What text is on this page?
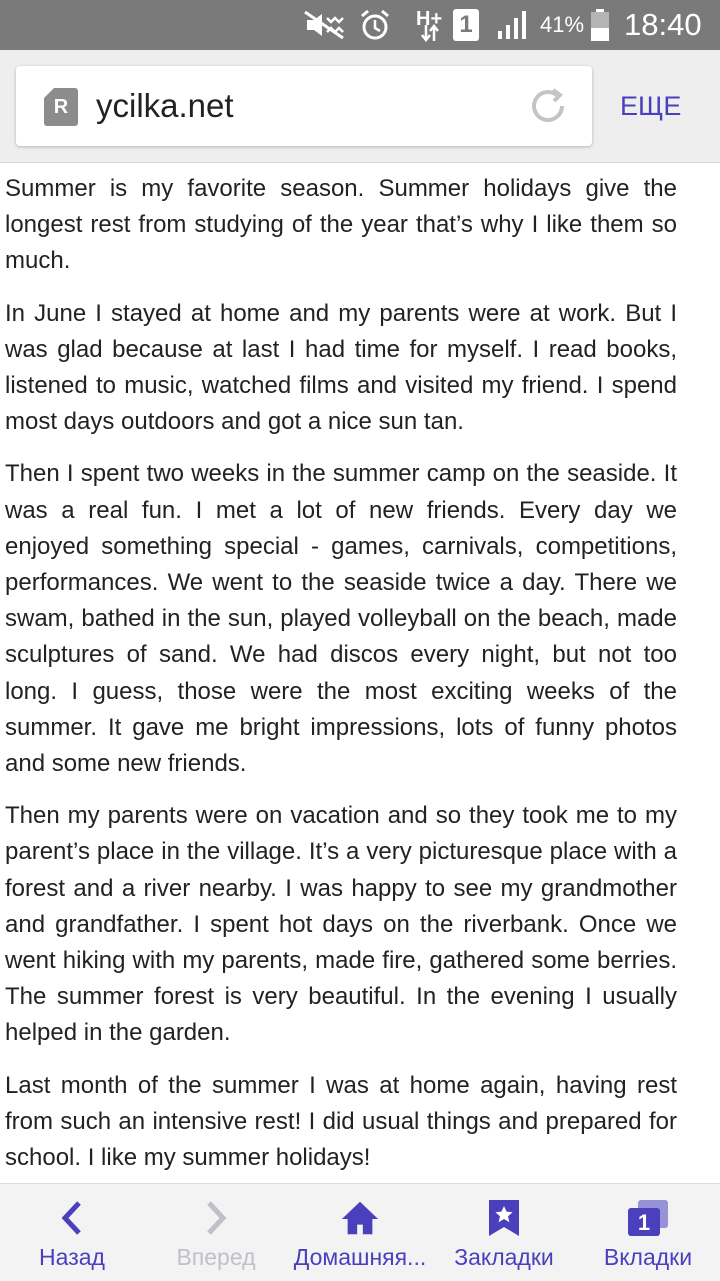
H+ 1	41% 18:40
R ycilka.net	ЕЩЕ

Summer is my favorite season. Summer holidays give the longest rest from studying of the year that’s why I like them so much.

In June I stayed at home and my parents were at work. But I was glad because at last I had time for myself. I read books, listened to music, watched films and visited my friend. I spend most days outdoors and got a nice sun tan.

Then I spent two weeks in the summer camp on the seaside. It was a real fun. I met a lot of new friends. Every day we enjoyed something special - games, carnivals, competitions, performances. We went to the seaside twice a day. There we swam, bathed in the sun, played volleyball on the beach, made sculptures of sand. We had discos every night, but not too long. I guess, those were the most exciting weeks of the summer. It gave me bright impressions, lots of funny photos and some new friends.

Then my parents were on vacation and so they took me to my parent’s place in the village. It’s a very picturesque place with a forest and a river nearby. I was happy to see my grandmother and grandfather. I spent hot days on the riverbank. Once we went hiking with my parents, made fire, gathered some berries. The summer forest is very beautiful. In the evening I usually helped in the garden.

Last month of the summer I was at home again, having rest from such an intensive rest! I did usual things and prepared for school. I like my summer holidays!

Назад	Вперед Домашняя... Закладки
1
Вкладки
